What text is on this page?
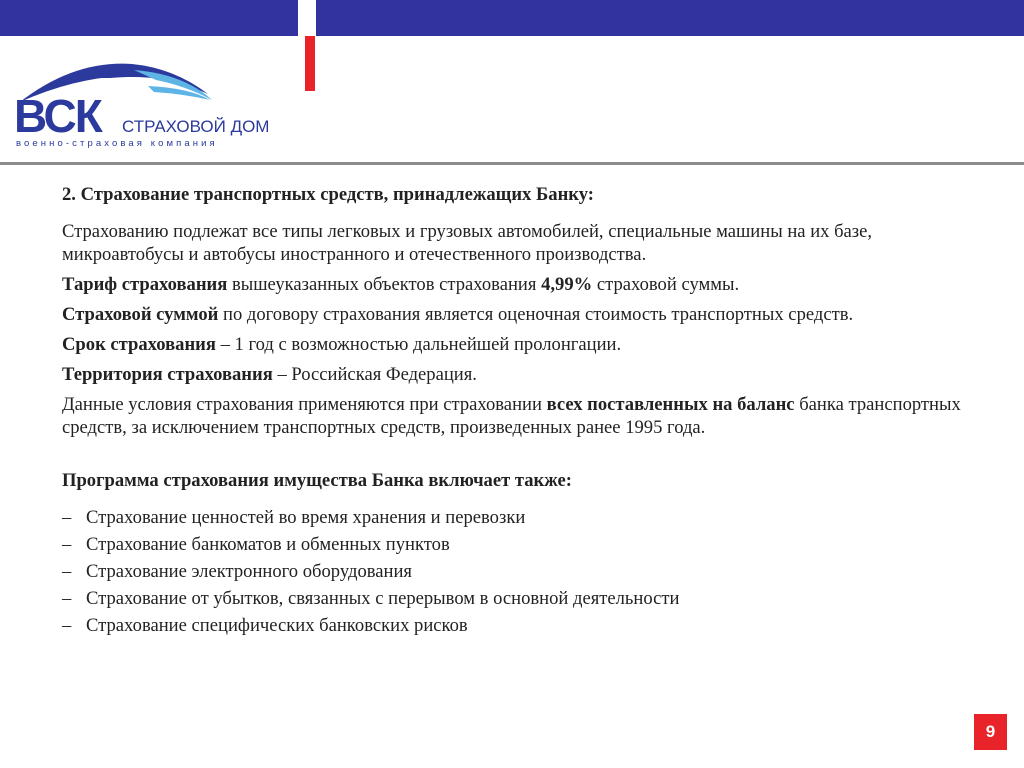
ВСК СТРАХОВОЙ ДОМ
военно-страховая компания

2. Страхование транспортных средств, принадлежащих Банку:

Страхованию подлежат все типы легковых и грузовых автомобилей, специальные машины на их базе, микроавтобусы и автобусы иностранного и отечественного производства.

Тариф страхования вышеуказанных объектов страхования 4,99% страховой суммы.

Страховой суммой по договору страхования является оценочная стоимость транспортных средств.

Срок страхования – 1 год с возможностью дальнейшей пролонгации.

Территория страхования – Российская Федерация.

Данные условия страхования применяются при страховании всех поставленных на баланс банка транспортных средств, за исключением транспортных средств, произведенных ранее 1995 года.

Программа страхования имущества Банка включает также:

– Страхование ценностей во время хранения и перевозки
– Страхование банкоматов и обменных пунктов
– Страхование электронного оборудования
– Страхование от убытков, связанных с перерывом в основной деятельности
– Страхование специфических банковских рисков
9
